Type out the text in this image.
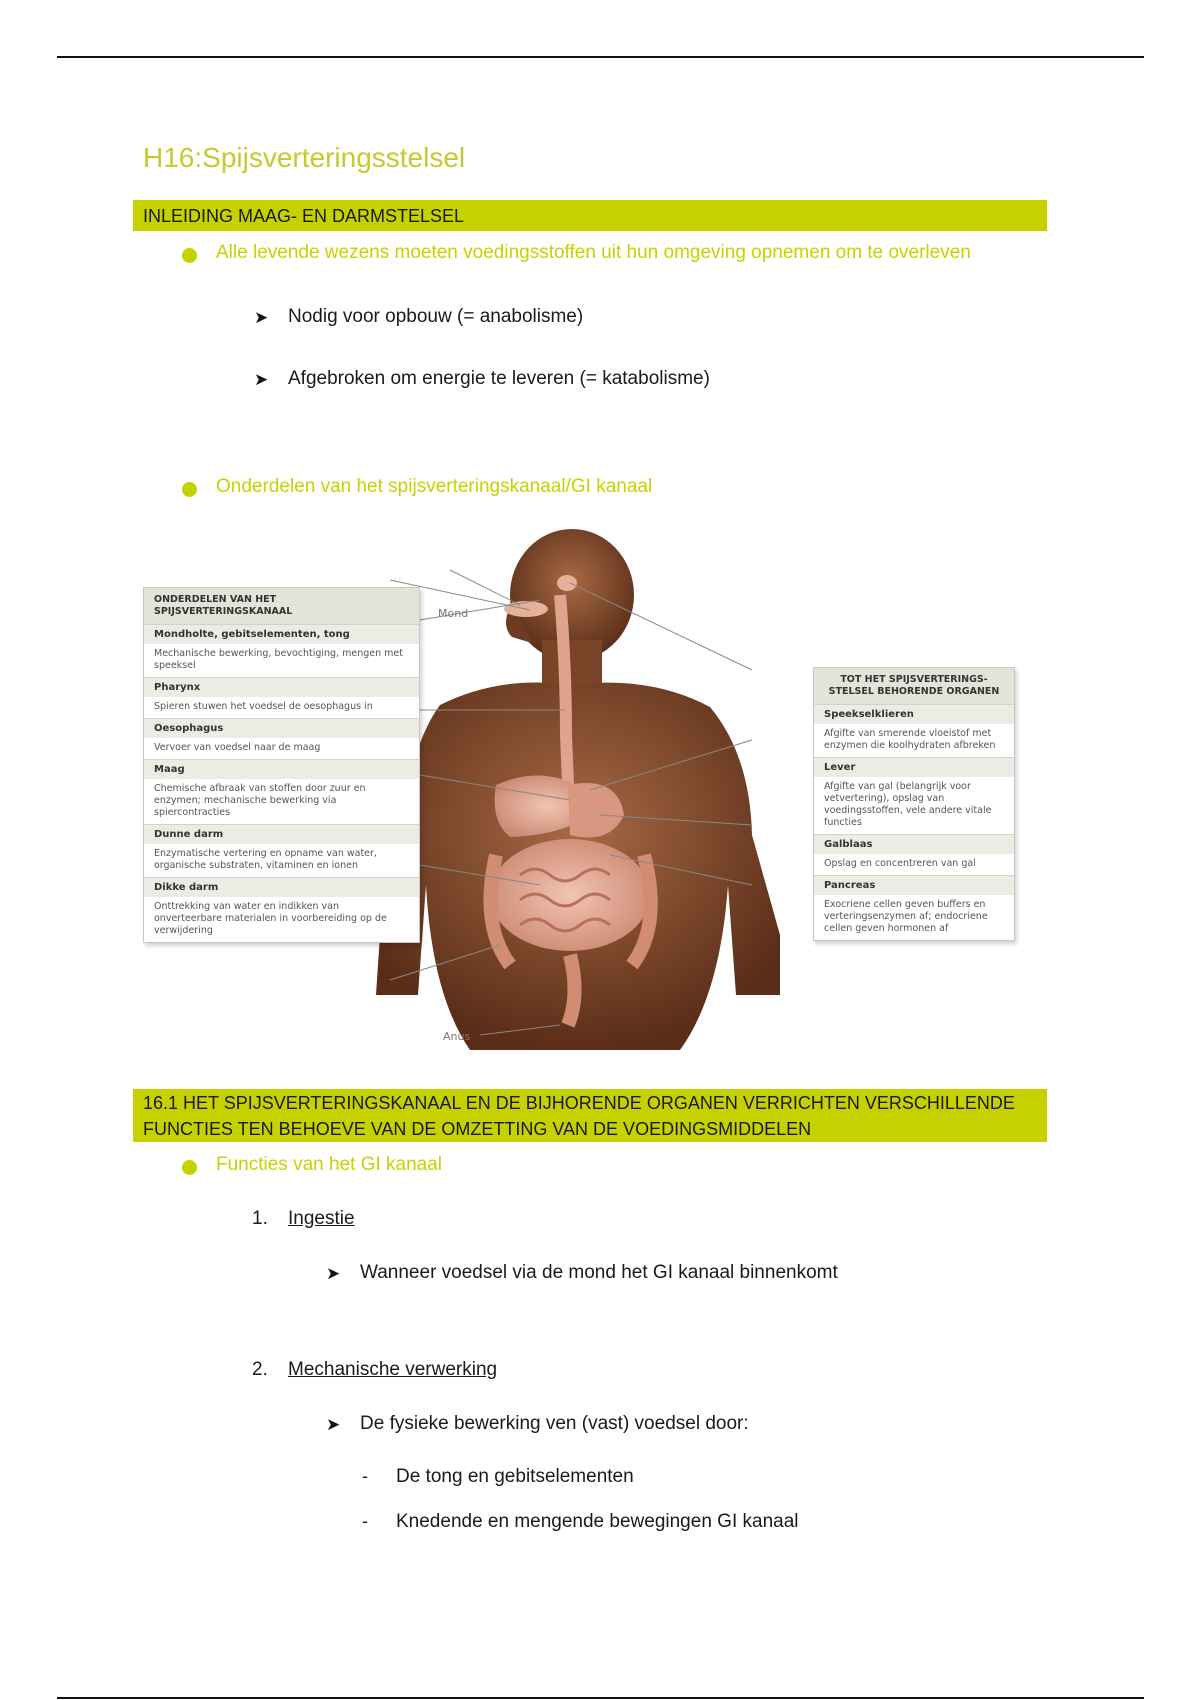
H16:Spijsverteringsstelsel
INLEIDING MAAG- EN DARMSTELSEL
Alle levende wezens moeten voedingsstoffen uit hun omgeving opnemen om te overleven
➤ Nodig voor opbouw (= anabolisme)
➤ Afgebroken om energie te leveren (= katabolisme)
Onderdelen van het spijsverteringskanaal/GI kanaal
ONDERDELEN VAN HET SPIJSVERTERINGSKANAAL
Mondholte, gebitselementen, tong
Mechanische bewerking, bevochtiging, mengen met speeksel
Pharynx
Spieren stuwen het voedsel de oesophagus in
Oesophagus
Vervoer van voedsel naar de maag
Maag
Chemische afbraak van stoffen door zuur en enzymen; mechanische bewerking via spiercontracties
Dunne darm
Enzymatische vertering en opname van water, organische substraten, vitaminen en ionen
Dikke darm
Onttrekking van water en indikken van onverteerbare materialen in voorbereiding op de verwijdering
TOT HET SPIJSVERTERINGS-STELSEL BEHORENDE ORGANEN
Speekselklieren
Afgifte van smerende vloeistof met enzymen die koolhydraten afbreken
Lever
Afgifte van gal (belangrijk voor vetvertering), opslag van voedingsstoffen, vele andere vitale functies
Galblaas
Opslag en concentreren van gal
Pancreas
Exocriene cellen geven buffers en verteringsenzymen af; endocriene cellen geven hormonen af
Mond
Anus
16.1 HET SPIJSVERTERINGSKANAAL EN DE BIJHORENDE ORGANEN VERRICHTEN VERSCHILLENDE FUNCTIES TEN BEHOEVE VAN DE OMZETTING VAN DE VOEDINGSMIDDELEN
Functies van het GI kanaal
1. Ingestie
➤ Wanneer voedsel via de mond het GI kanaal binnenkomt
2. Mechanische verwerking
➤ De fysieke bewerking ven (vast) voedsel door:
- De tong en gebitselementen
- Knedende en mengende bewegingen GI kanaal
